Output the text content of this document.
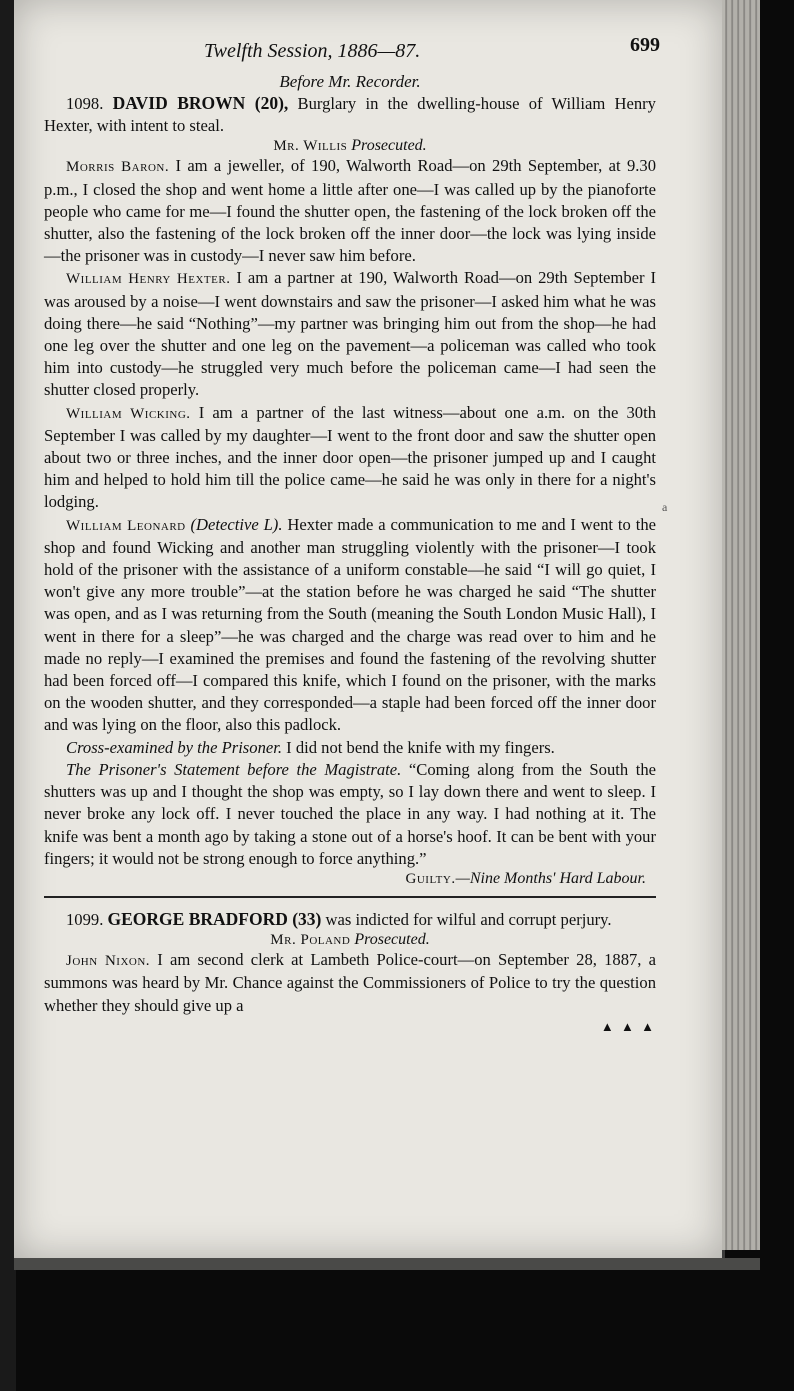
Twelfth Session, 1886—87.	699
Before Mr. Recorder.

1098. DAVID BROWN (20), Burglary in the dwelling-house of William Henry Hexter, with intent to steal.

Mr. Willis Prosecuted.

Morris Baron. I am a jeweller, of 190, Walworth Road—on 29th September, at 9.30 p.m., I closed the shop and went home a little after one—I was called up by the pianoforte people who came for me—I found the shutter open, the fastening of the lock broken off the shutter, also the fastening of the lock broken off the inner door—the lock was lying inside—the prisoner was in custody—I never saw him before.

William Henry Hexter. I am a partner at 190, Walworth Road—on 29th September I was aroused by a noise—I went downstairs and saw the prisoner—I asked him what he was doing there—he said “Nothing”—my partner was bringing him out from the shop—he had one leg over the shutter and one leg on the pavement—a policeman was called who took him into custody—he struggled very much before the policeman came—I had seen the shutter closed properly.

William Wicking. I am a partner of the last witness—about one a.m. on the 30th September I was called by my daughter—I went to the front door and saw the shutter open about two or three inches, and the inner door open—the prisoner jumped up and I caught him and helped to hold him till the police came—he said he was only in there for a night's lodging.

William Leonard (Detective L). Hexter made a communication to me and I went to the shop and found Wicking and another man struggling violently with the prisoner—I took hold of the prisoner with the assistance of a uniform constable—he said “I will go quiet, I won't give any more trouble”—at the station before he was charged he said “The shutter was open, and as I was returning from the South (meaning the South London Music Hall), I went in there for a sleep”—he was charged and the charge was read over to him and he made no reply—I examined the premises and found the fastening of the revolving shutter had been forced off—I compared this knife, which I found on the prisoner, with the marks on the wooden shutter, and they corresponded—a staple had been forced off the inner door and was lying on the floor, also this padlock.

Cross-examined by the Prisoner. I did not bend the knife with my fingers.

The Prisoner's Statement before the Magistrate. “Coming along from the South the shutters was up and I thought the shop was empty, so I lay down there and went to sleep. I never broke any lock off. I never touched the place in any way. I had nothing at it. The knife was bent a month ago by taking a stone out of a horse's hoof. It can be bent with your fingers; it would not be strong enough to force anything.”

Guilty.—Nine Months' Hard Labour.

1099. GEORGE BRADFORD (33) was indicted for wilful and corrupt perjury.

Mr. Poland Prosecuted.

John Nixon. I am second clerk at Lambeth Police-court—on September 28, 1887, a summons was heard by Mr. Chance against the Commissioners of Police to try the question whether they should give up a

▲ ▲ ▲
a
